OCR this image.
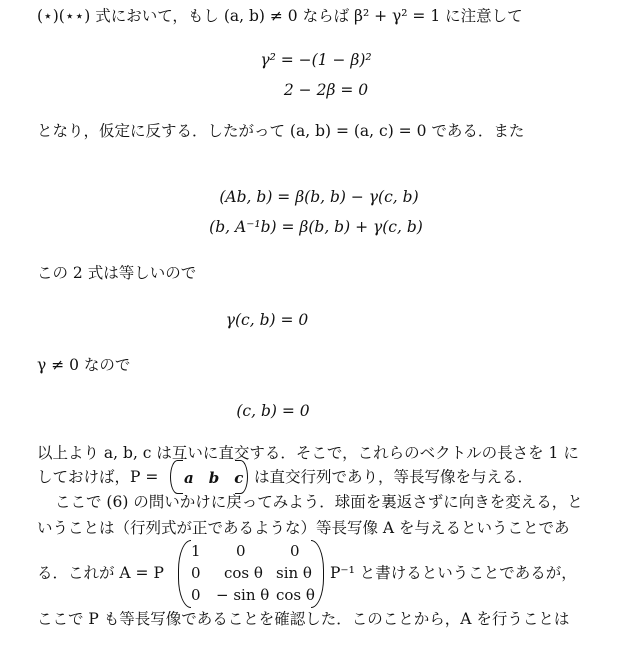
(⋆)(⋆⋆) 式において，もし (a, b) ≠ 0 ならば β² + γ² = 1 に注意して
γ² = −(1 − β)²
2 − 2β = 0
となり，仮定に反する．したがって (a, b) = (a, c) = 0 である．また
(Ab, b) = β(b, b) − γ(c, b)
(b, A⁻¹b) = β(b, b) + γ(c, b)
この 2 式は等しいので
γ(c, b) = 0
γ ≠ 0 なので
(c, b) = 0
以上より a, b, c は互いに直交する．そこで，これらのベクトルの長さを 1 に
しておけば，P =	a　b　c は直交行列であり，等長写像を与える．
ここで (6) の問いかけに戻ってみよう．球面を裏返さずに向きを変える，と
いうことは（行列式が正であるような）等長写像 A を与えるということであ
る．これが A = P
1 0	0
0 cos θ sin θ
0 − sin θ cos θ
P⁻¹ と書けるということであるが，
ここで P も等長写像であることを確認した．このことから，A を行うことは
